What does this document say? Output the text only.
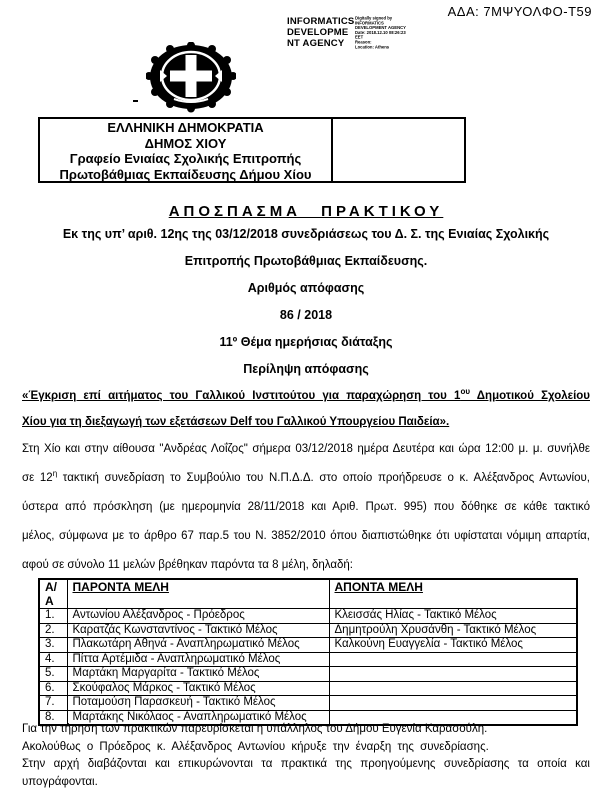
ΑΔΑ: 7ΜΨΥΟΛΦΟ-Τ59
INFORMATICS DEVELOPMENT AGENCY
Digitally signed by
INFORMATICS
DEVELOPMENT AGENCY
Date: 2018.12.10 08:26:23
EET
Reason:
Location: Athens
ΕΛΛΗΝΙΚΗ ΔΗΜΟΚΡΑΤΙΑ
ΔΗΜΟΣ ΧΙΟΥ
Γραφείο Ενιαίας Σχολικής Επιτροπής
Πρωτοβάθμιας Εκπαίδευσης Δήμου Χίου
ΑΠΟΣΠΑΣΜΑ ΠΡΑΚΤΙΚΟΥ
Εκ της υπ’ αριθ. 12ης της 03/12/2018 συνεδριάσεως του Δ. Σ. της Ενιαίας Σχολικής
Επιτροπής Πρωτοβάθμιας Εκπαίδευσης.
Αριθμός απόφασης
86 / 2018
11º Θέμα ημερήσιας διάταξης
Περίληψη απόφασης
«Έγκριση επί αιτήματος του Γαλλικού Ινστιτούτου για παραχώρηση του $1^{o\upsilon}$ Δημοτικού Σχολείου
Χίου για τη διεξαγωγή των εξετάσεων Delf του Γαλλικού Υπουργείου Παιδεία».
Στη Χίο και στην αίθουσα "Ανδρέας Λοΐζος" σήμερα 03/12/2018 ημέρα Δευτέρα και ώρα 12:00 μ. μ. συνήλθε
σε $12^\eta$ τακτική συνεδρίαση το Συμβούλιο του Ν.Π.Δ.Δ. στο οποίο προήδρευσε ο κ. Αλέξανδρος Αντωνίου,
ύστερα από πρόσκληση (με ημερομηνία 28/11/2018 και Αριθ. Πρωτ. 995) που δόθηκε σε κάθε τακτικό
μέλος, σύμφωνα με το άρθρο 67 παρ.5 του Ν. 3852/2010 όπου διαπιστώθηκε ότι υφίσταται νόμιμη απαρτία,
αφού σε σύνολο 11 μελών βρέθηκαν παρόντα τα 8 μέλη, δηλαδή:
Α/Α	ΠΑΡΟΝΤΑ ΜΕΛΗ	ΑΠΟΝΤΑ ΜΕΛΗ
1.	Αντωνίου Αλέξανδρος - Πρόεδρος	Κλεισσάς Ηλίας - Τακτικό Μέλος
2.	Καρατζάς Κωνσταντίνος - Τακτικό Μέλος	Δημητρούλη Χρυσάνθη - Τακτικό Μέλος
3.	Πλακωτάρη Αθηνά - Αναπληρωματικό Μέλος	Καλκούνη Ευαγγελία - Τακτικό Μέλος
4.	Πίττα Αρτέμιδα - Αναπληρωματικό Μέλος	
5.	Μαρτάκη Μαργαρίτα - Τακτικό Μέλος	
6.	Σκούφαλος Μάρκος - Τακτικό Μέλος	
7.	Ποταμούση Παρασκευή - Τακτικό Μέλος	
8.	Μαρτάκης Νικόλαος - Αναπληρωματικό Μέλος	
Για την τήρηση των πρακτικών παρευρίσκεται η υπάλληλος του Δήμου Ευγενία Καρασούλη.
Ακολούθως ο Πρόεδρος κ. Αλέξανδρος Αντωνίου κήρυξε την έναρξη της συνεδρίασης.
Στην αρχή διαβάζονται και επικυρώνονται τα πρακτικά της προηγούμενης συνεδρίασης τα οποία και
υπογράφονται.
